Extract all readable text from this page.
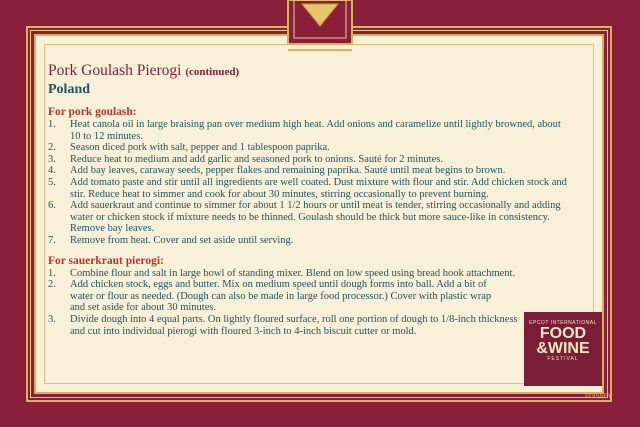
Pork Goulash Pierogi (continued)
Poland
For pork goulash:
1. Heat canola oil in large braising pan over medium high heat. Add onions and caramelize until lightly browned, about 10 to 12 minutes.
2. Season diced pork with salt, pepper and 1 tablespoon paprika.
3. Reduce heat to medium and add garlic and seasoned pork to onions. Sauté for 2 minutes.
4. Add bay leaves, caraway seeds, pepper flakes and remaining paprika. Sauté until meat begins to brown.
5. Add tomato paste and stir until all ingredients are well coated. Dust mixture with flour and stir. Add chicken stock and stir. Reduce heat to simmer and cook for about 30 minutes, stirring occasionally to prevent burning.
6. Add sauerkraut and continue to simmer for about 1 1/2 hours or until meat is tender, stirring occasionally and adding water or chicken stock if mixture needs to be thinned. Goulash should be thick but more sauce-like in consistency. Remove bay leaves.
7. Remove from heat. Cover and set aside until serving.
For sauerkraut pierogi:
1. Combine flour and salt in large bowl of standing mixer. Blend on low speed using bread hook attachment.
2. Add chicken stock, eggs and butter. Mix on medium speed until dough forms into ball. Add a bit of water or flour as needed. (Dough can also be made in large food processor.) Cover with plastic wrap and set aside for about 30 minutes.
3. Divide dough into 4 equal parts. On lightly floured surface, roll one portion of dough to 1/8-inch thickness and cut into individual pierogi with floured 3-inch to 4-inch biscuit cutter or mold.
EPCOT INTERNATIONAL
FOOD
&WINE
FESTIVAL
©DISNEY
